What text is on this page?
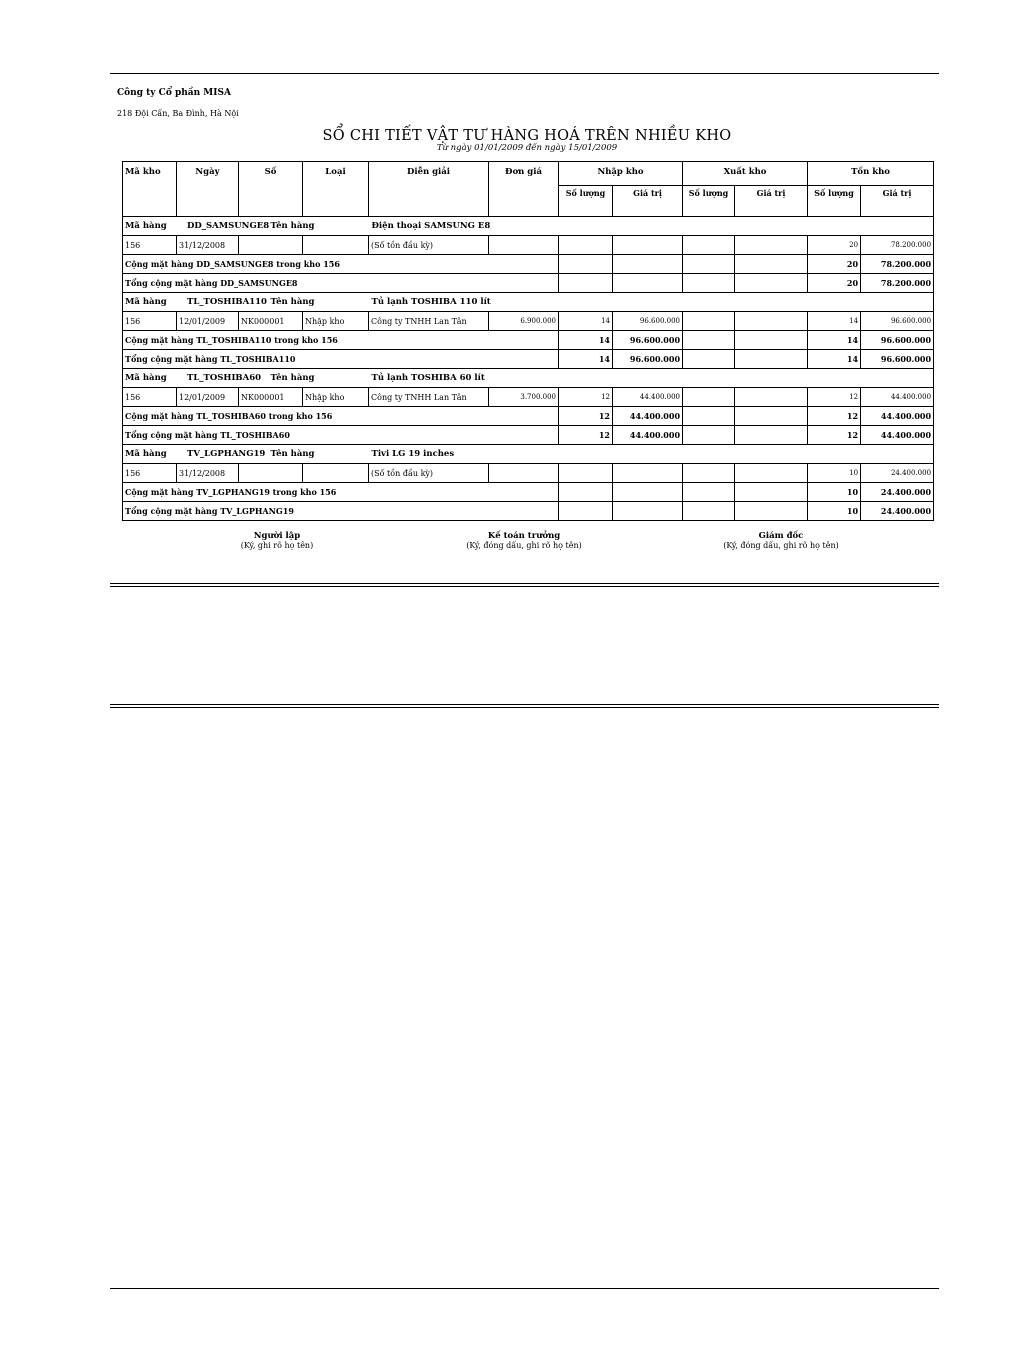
Công ty Cổ phần MISA
218 Đội Cấn, Ba Đình, Hà Nội
SỔ CHI TIẾT VẬT TƯ HÀNG HOÁ TRÊN NHIỀU KHO
Từ ngày 01/01/2009 đến ngày 15/01/2009
Mã kho	Ngày	Số	Loại	Diễn giải	Đơn giá	Nhập kho		Xuất kho		Tồn kho	
						Số lượng	Giá trị	Số lượng	Giá trị	Số lượng	Giá trị
Mã hàng DD_SAMSUNGE8		Tên hàng		Điện thoại SAMSUNG E8							
156	31/12/2008			(Số tồn đầu kỳ)						20	78.200.000
Cộng mặt hàng DD_SAMSUNGE8 trong kho 156										20	78.200.000
Tổng cộng mặt hàng DD_SAMSUNGE8										20	78.200.000
Mã hàng TL_TOSHIBA110		Tên hàng		Tủ lạnh TOSHIBA 110 lít							
156	12/01/2009	NK000001	Nhập kho	Công ty TNHH Lan Tân	6.900.000	14	96.600.000			14	96.600.000
Cộng mặt hàng TL_TOSHIBA110 trong kho 156						14	96.600.000			14	96.600.000
Tổng cộng mặt hàng TL_TOSHIBA110						14	96.600.000			14	96.600.000
Mã hàng TL_TOSHIBA60		Tên hàng		Tủ lạnh TOSHIBA 60 lít							
156	12/01/2009	NK000001	Nhập kho	Công ty TNHH Lan Tân	3.700.000	12	44.400.000			12	44.400.000
Cộng mặt hàng TL_TOSHIBA60 trong kho 156						12	44.400.000			12	44.400.000
Tổng cộng mặt hàng TL_TOSHIBA60						12	44.400.000			12	44.400.000
Mã hàng TV_LGPHANG19		Tên hàng		Tivi LG 19 inches							
156	31/12/2008			(Số tồn đầu kỳ)						10	24.400.000
Cộng mặt hàng TV_LGPHANG19 trong kho 156										10	24.400.000
Tổng cộng mặt hàng TV_LGPHANG19										10	24.400.000
Người lập
(Ký, ghi rõ họ tên)
Kế toán trưởng
(Ký, đóng dấu, ghi rõ họ tên)
Giám đốc
(Ký, đóng dấu, ghi rõ họ tên)
